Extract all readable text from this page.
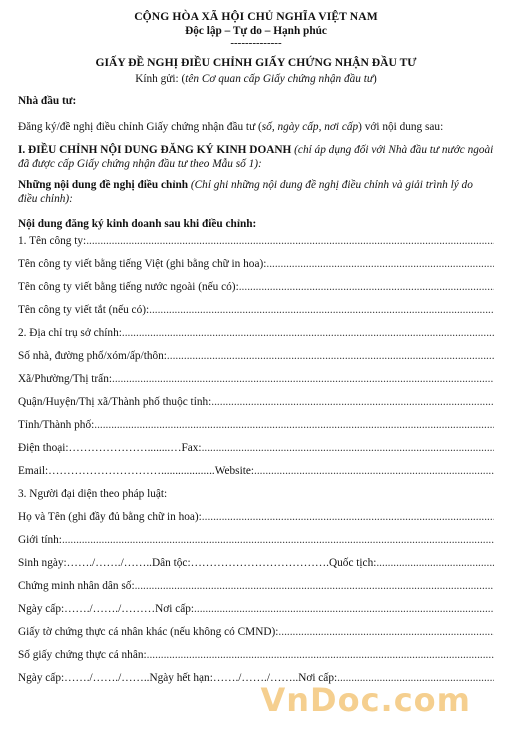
CỘNG HÒA XÃ HỘI CHỦ NGHĨA VIỆT NAM
Độc lập – Tự do – Hạnh phúc
--------------
GIẤY ĐỀ NGHỊ ĐIỀU CHỈNH GIẤY CHỨNG NHẬN ĐẦU TƯ
Kính gửi: (tên Cơ quan cấp Giấy chứng nhận đầu tư)
Nhà đầu tư:
Đăng ký/đề nghị điều chỉnh Giấy chứng nhận đầu tư (số, ngày cấp, nơi cấp) với nội dung sau:
I. ĐIỀU CHỈNH NỘI DUNG ĐĂNG KÝ KINH DOANH (chỉ áp dụng đối với Nhà đầu tư nước ngoài đã được cấp Giấy chứng nhận đầu tư theo Mẫu số 1):
Những nội dung đề nghị điều chỉnh (Chỉ ghi những nội dung đề nghị điều chỉnh và giải trình lý do điều chỉnh):
Nội dung đăng ký kinh doanh sau khi điều chỉnh:
1. Tên công ty:
.....
Tên công ty viết bằng tiếng Việt (ghi bằng chữ in hoa):
.....
Tên công ty viết bằng tiếng nước ngoài (nếu có):
.....
Tên công ty viết tắt (nếu có):
.....
2. Địa chỉ trụ sở chính:
.....
Số nhà, đường phố/xóm/ấp/thôn:
.....
Xã/Phường/Thị trấn:
.....
Quận/Huyện/Thị xã/Thành phố thuộc tỉnh:
.....
Tỉnh/Thành phố:
.....
Điện thoại: …………………........… Fax:
.....
Email: …………………………................... Website:
.....
3. Người đại diện theo pháp luật:
Họ và Tên (ghi đầy đủ bằng chữ in hoa):
.....
Giới tính:
.....
Sinh ngày: ……./……./…….. Dân tộc: ………………………………. Quốc tịch:
.....
Chứng minh nhân dân số:
.....
Ngày cấp: ……./……./……… Nơi cấp:
.....
Giấy tờ chứng thực cá nhân khác (nếu không có CMND):
.....
Số giấy chứng thực cá nhân:
.....
Ngày cấp: ……./……./…….. Ngày hết hạn: ……./……./…….. Nơi cấp:
.....
VnDoc.com
